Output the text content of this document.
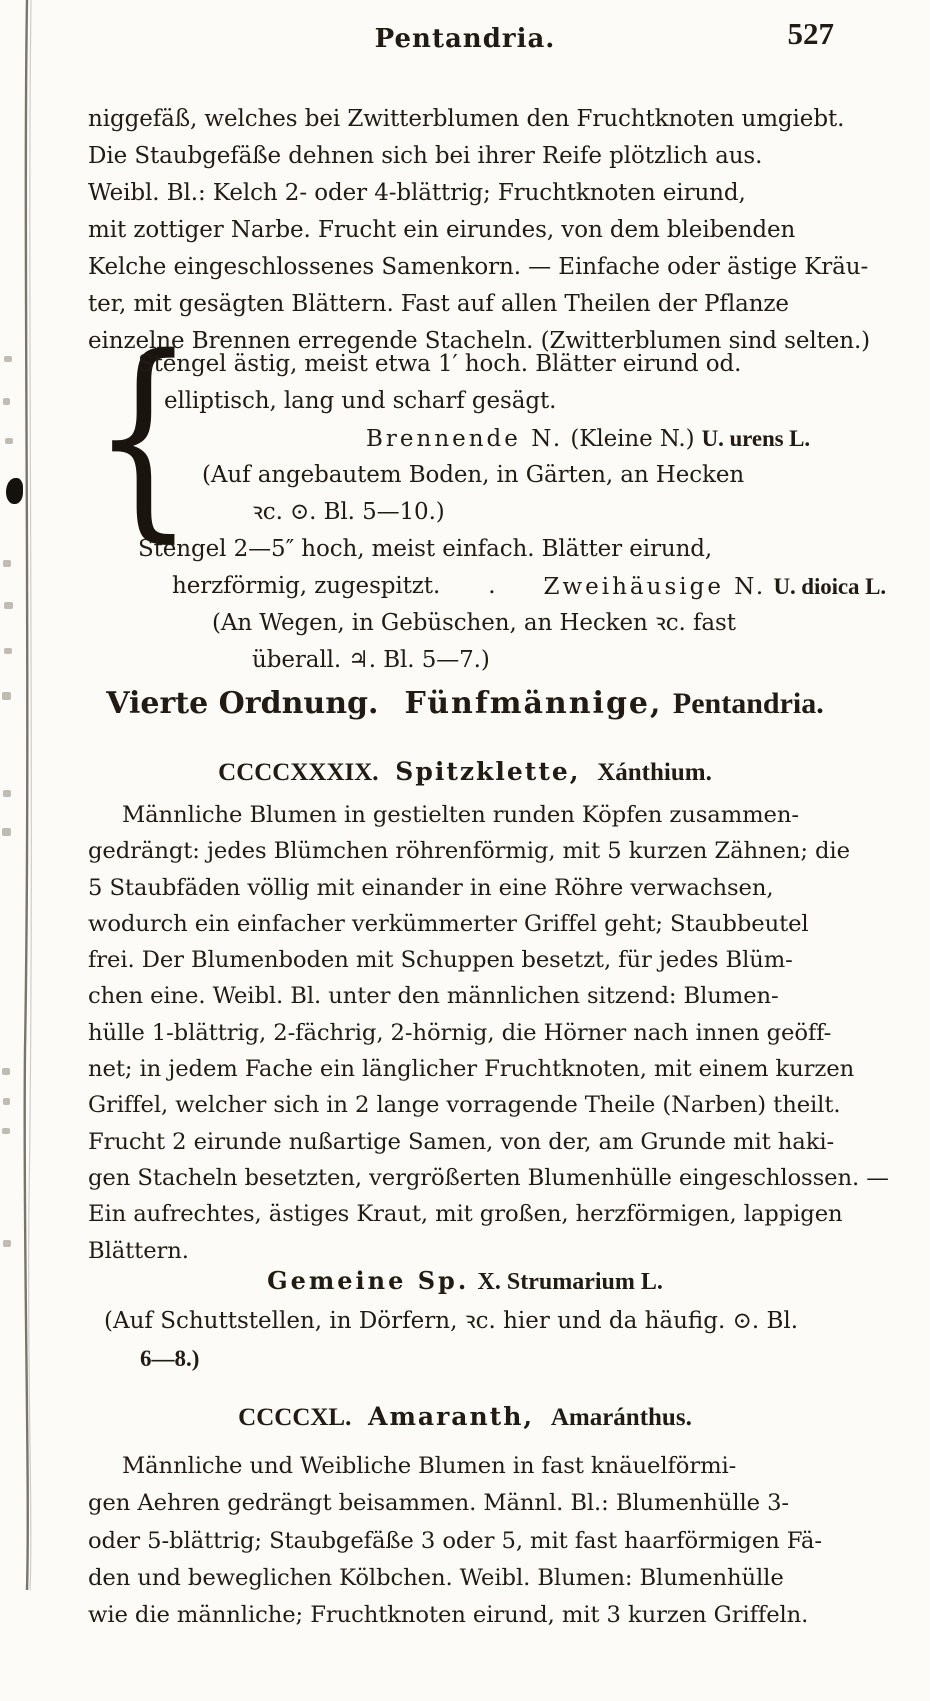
Pentandria.	527
niggefäß, welches bei Zwitterblumen den Fruchtknoten umgiebt.
Die Staubgefäße dehnen sich bei ihrer Reife plötzlich aus.
Weibl. Bl.: Kelch 2- oder 4-blättrig; Fruchtknoten eirund,
mit zottiger Narbe. Frucht ein eirundes, von dem bleibenden
Kelche eingeschlossenes Samenkorn. — Einfache oder ästige Kräu-
ter, mit gesägten Blättern. Fast auf allen Theilen der Pflanze
einzelne Brennen erregende Stacheln. (Zwitterblumen sind selten.)
{
Stengel ästig, meist etwa 1′ hoch. Blätter eirund od.
elliptisch, lang und scharf gesägt.
Brennende N. (Kleine N.) U. urens L.
(Auf angebautem Boden, in Gärten, an Hecken
ꝛc. ⊙. Bl. 5—10.)
Stengel 2—5″ hoch, meist einfach. Blätter eirund,
herzförmig, zugespitzt. . Zweihäusige N. U. dioica L.
(An Wegen, in Gebüschen, an Hecken ꝛc. fast
überall. ♃. Bl. 5—7.)
Vierte Ordnung. Fünfmännige, Pentandria.
CCCCXXXIX. Spitzklette, Xánthium.
Männliche Blumen in gestielten runden Köpfen zusammen-
gedrängt: jedes Blümchen röhrenförmig, mit 5 kurzen Zähnen; die
5 Staubfäden völlig mit einander in eine Röhre verwachsen,
wodurch ein einfacher verkümmerter Griffel geht; Staubbeutel
frei. Der Blumenboden mit Schuppen besetzt, für jedes Blüm-
chen eine. Weibl. Bl. unter den männlichen sitzend: Blumen-
hülle 1-blättrig, 2-fächrig, 2-hörnig, die Hörner nach innen geöff-
net; in jedem Fache ein länglicher Fruchtknoten, mit einem kurzen
Griffel, welcher sich in 2 lange vorragende Theile (Narben) theilt.
Frucht 2 eirunde nußartige Samen, von der, am Grunde mit haki-
gen Stacheln besetzten, vergrößerten Blumenhülle eingeschlossen. —
Ein aufrechtes, ästiges Kraut, mit großen, herzförmigen, lappigen
Blättern.
Gemeine Sp. X. Strumarium L.
(Auf Schuttstellen, in Dörfern, ꝛc. hier und da häufig. ⊙. Bl.
6—8.)
CCCCXL. Amaranth, Amaránthus.
Männliche und Weibliche Blumen in fast knäuelförmi-
gen Aehren gedrängt beisammen. Männl. Bl.: Blumenhülle 3-
oder 5-blättrig; Staubgefäße 3 oder 5, mit fast haarförmigen Fä-
den und beweglichen Kölbchen. Weibl. Blumen: Blumenhülle
wie die männliche; Fruchtknoten eirund, mit 3 kurzen Griffeln.
